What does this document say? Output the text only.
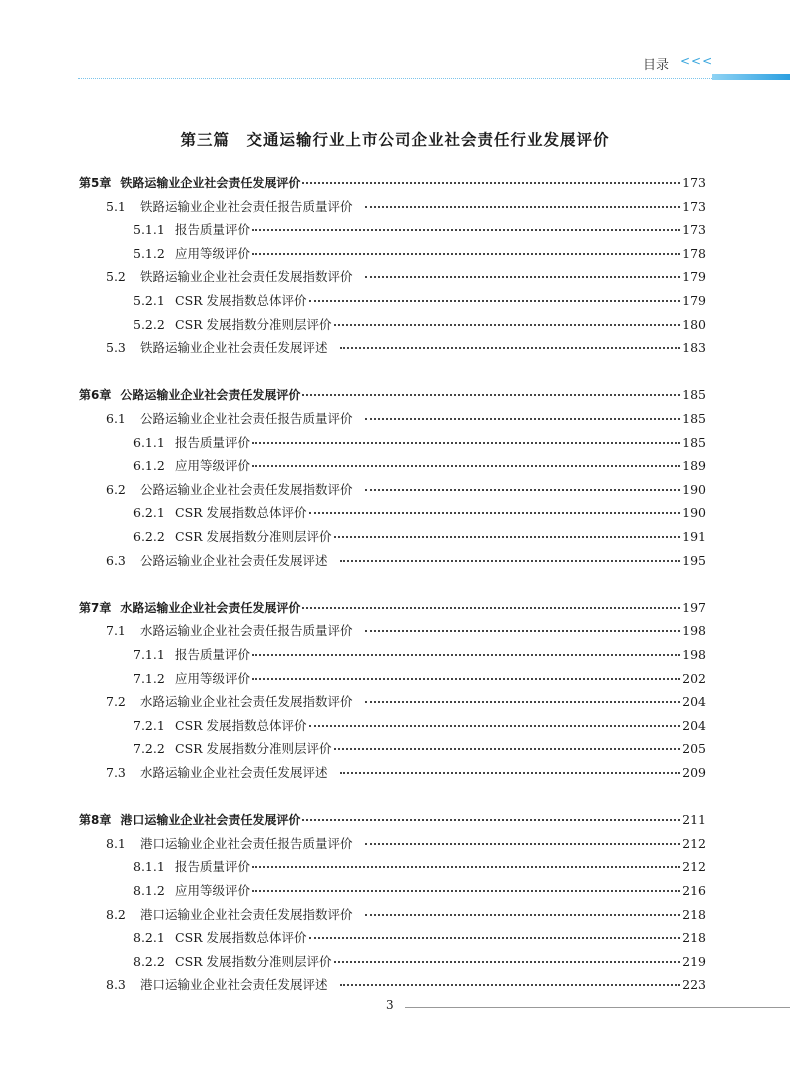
目录 <<<
第三篇　交通运输行业上市公司企业社会责任行业发展评价
第5章 铁路运输业企业社会责任发展评价	173
5.1	铁路运输业企业社会责任报告质量评价	173
5.1.1 报告质量评价	173
5.1.2 应用等级评价	178
5.2	铁路运输业企业社会责任发展指数评价	179
5.2.1 CSR 发展指数总体评价	179
5.2.2 CSR 发展指数分准则层评价	180
5.3	铁路运输业企业社会责任发展评述	183
第6章 公路运输业企业社会责任发展评价	185
6.1	公路运输业企业社会责任报告质量评价	185
6.1.1 报告质量评价	185
6.1.2 应用等级评价	189
6.2	公路运输业企业社会责任发展指数评价	190
6.2.1 CSR 发展指数总体评价	190
6.2.2 CSR 发展指数分准则层评价	191
6.3	公路运输业企业社会责任发展评述	195
第7章 水路运输业企业社会责任发展评价	197
7.1	水路运输业企业社会责任报告质量评价	198
7.1.1 报告质量评价	198
7.1.2 应用等级评价	202
7.2	水路运输业企业社会责任发展指数评价	204
7.2.1 CSR 发展指数总体评价	204
7.2.2 CSR 发展指数分准则层评价	205
7.3	水路运输业企业社会责任发展评述	209
第8章 港口运输业企业社会责任发展评价	211
8.1	港口运输业企业社会责任报告质量评价	212
8.1.1 报告质量评价	212
8.1.2 应用等级评价	216
8.2	港口运输业企业社会责任发展指数评价	218
8.2.1 CSR 发展指数总体评价	218
8.2.2 CSR 发展指数分准则层评价	219
8.3	港口运输业企业社会责任发展评述	223
3
